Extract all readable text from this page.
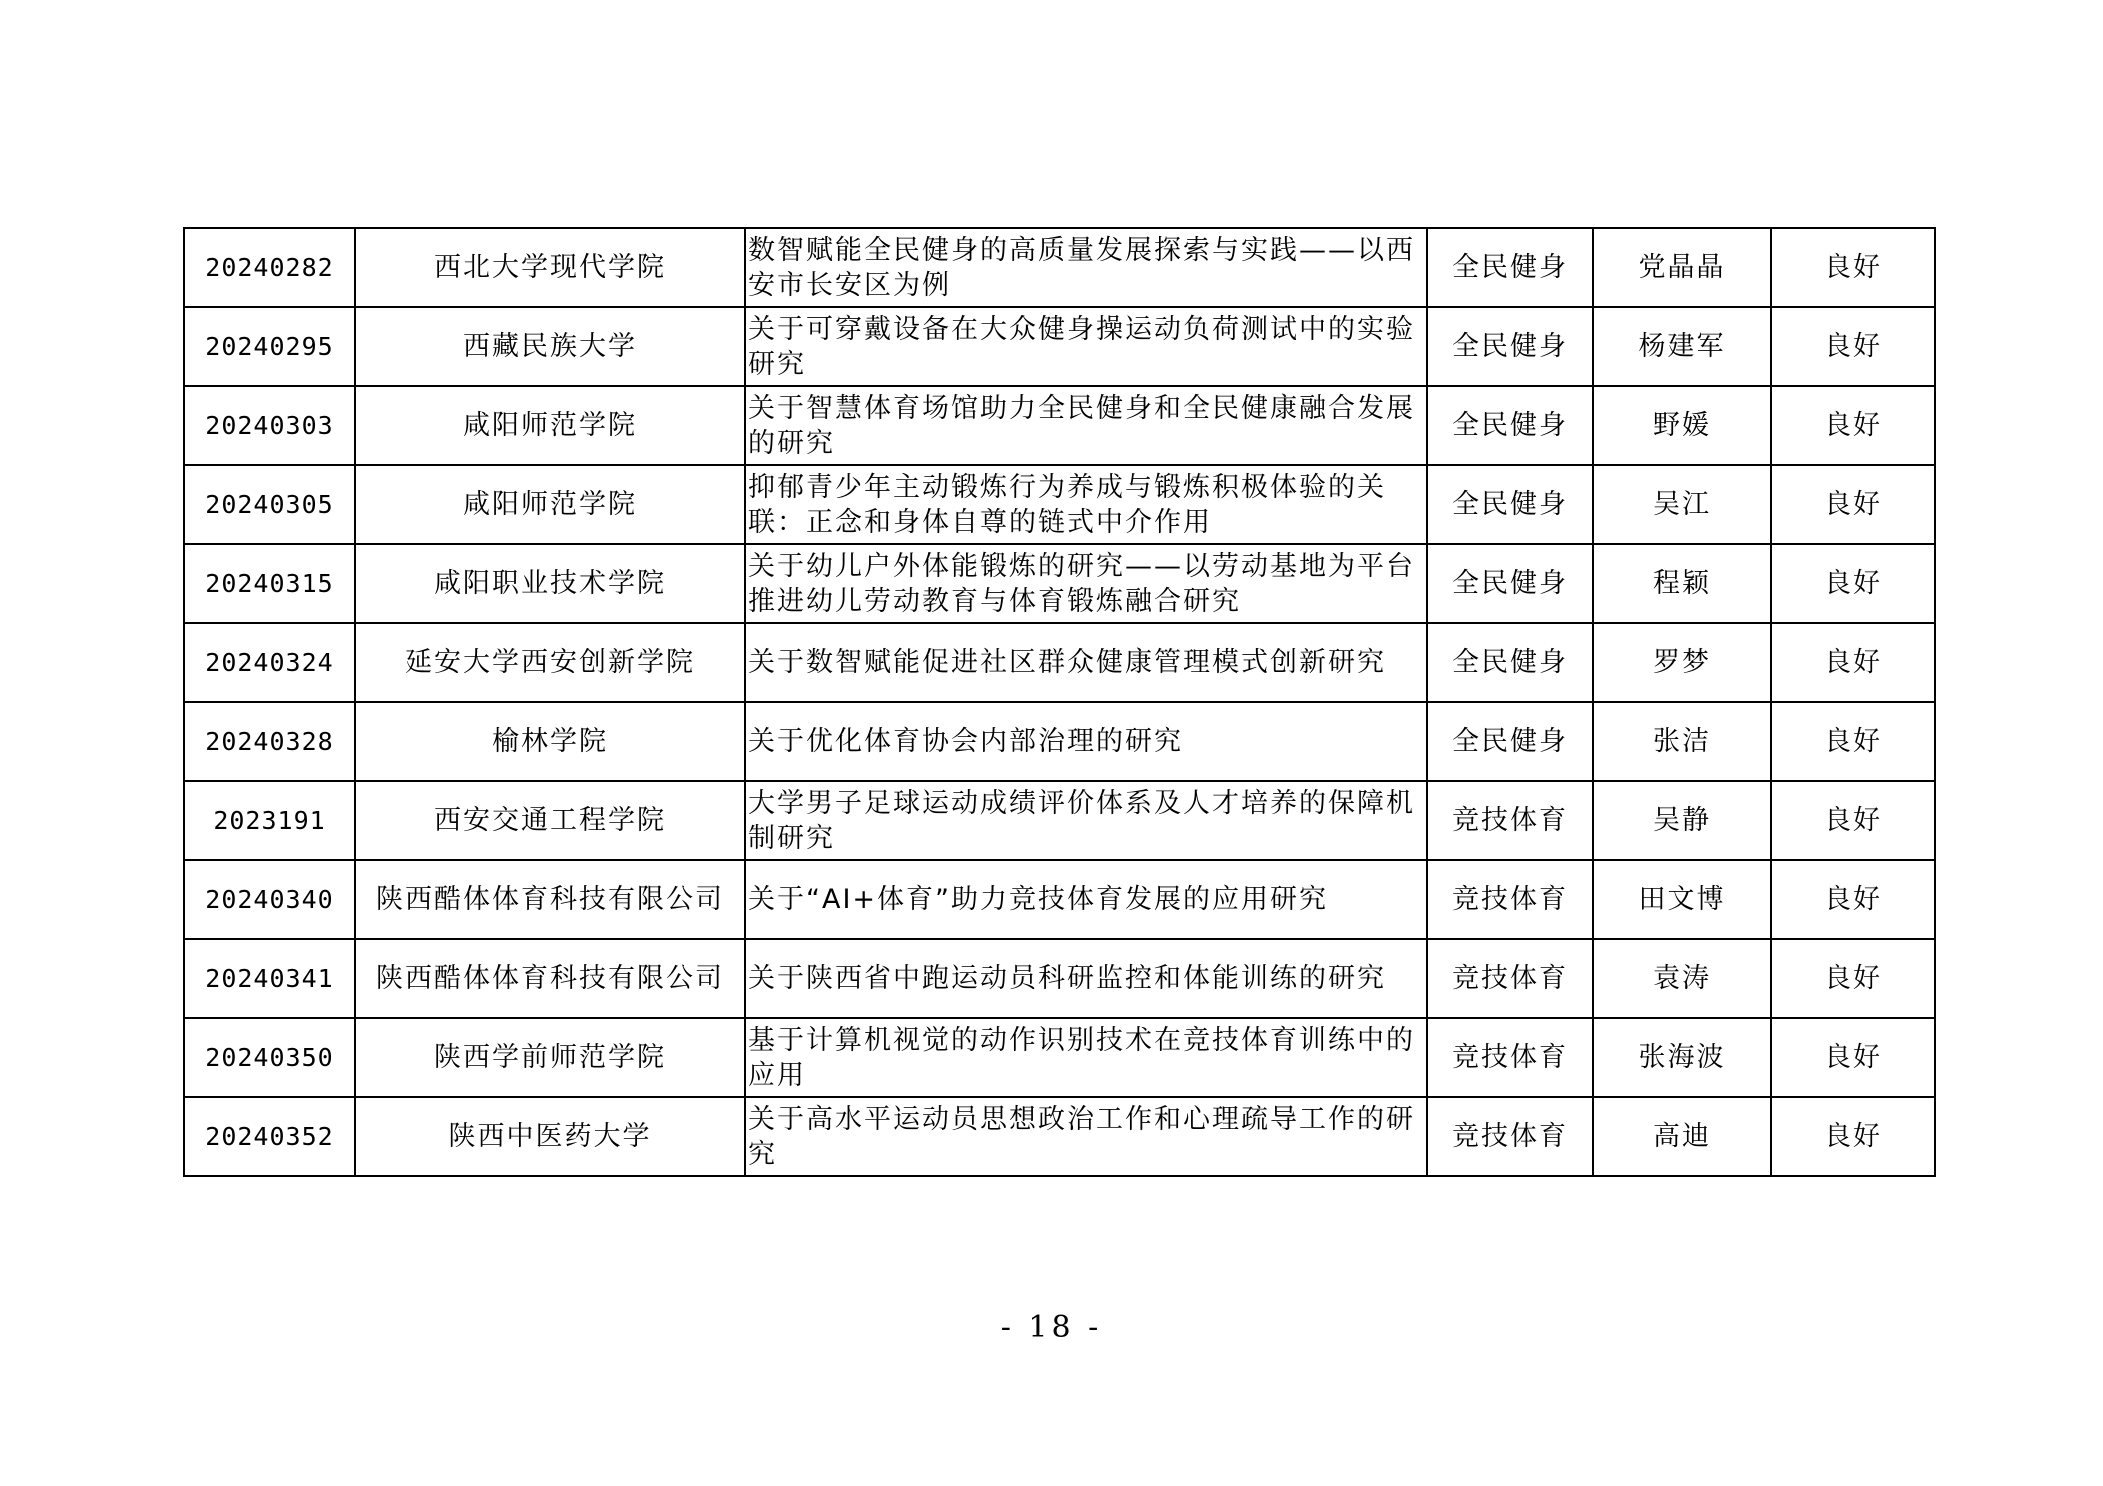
20240282	西北大学现代学院	数智赋能全民健身的高质量发展探索与实践——以西安市长安区为例	全民健身	党晶晶	良好
20240295	西藏民族大学	关于可穿戴设备在大众健身操运动负荷测试中的实验研究	全民健身	杨建军	良好
20240303	咸阳师范学院	关于智慧体育场馆助力全民健身和全民健康融合发展的研究	全民健身	野媛	良好
20240305	咸阳师范学院	抑郁青少年主动锻炼行为养成与锻炼积极体验的关联：正念和身体自尊的链式中介作用	全民健身	吴江	良好
20240315	咸阳职业技术学院	关于幼儿户外体能锻炼的研究——以劳动基地为平台推进幼儿劳动教育与体育锻炼融合研究	全民健身	程颖	良好
20240324	延安大学西安创新学院	关于数智赋能促进社区群众健康管理模式创新研究	全民健身	罗梦	良好
20240328	榆林学院	关于优化体育协会内部治理的研究	全民健身	张洁	良好
2023191	西安交通工程学院	大学男子足球运动成绩评价体系及人才培养的保障机制研究	竞技体育	吴静	良好
20240340	陕西酷体体育科技有限公司	关于“AI+体育”助力竞技体育发展的应用研究	竞技体育	田文博	良好
20240341	陕西酷体体育科技有限公司	关于陕西省中跑运动员科研监控和体能训练的研究	竞技体育	袁涛	良好
20240350	陕西学前师范学院	基于计算机视觉的动作识别技术在竞技体育训练中的应用	竞技体育	张海波	良好
20240352	陕西中医药大学	关于高水平运动员思想政治工作和心理疏导工作的研究	竞技体育	高迪	良好
- 18 -
